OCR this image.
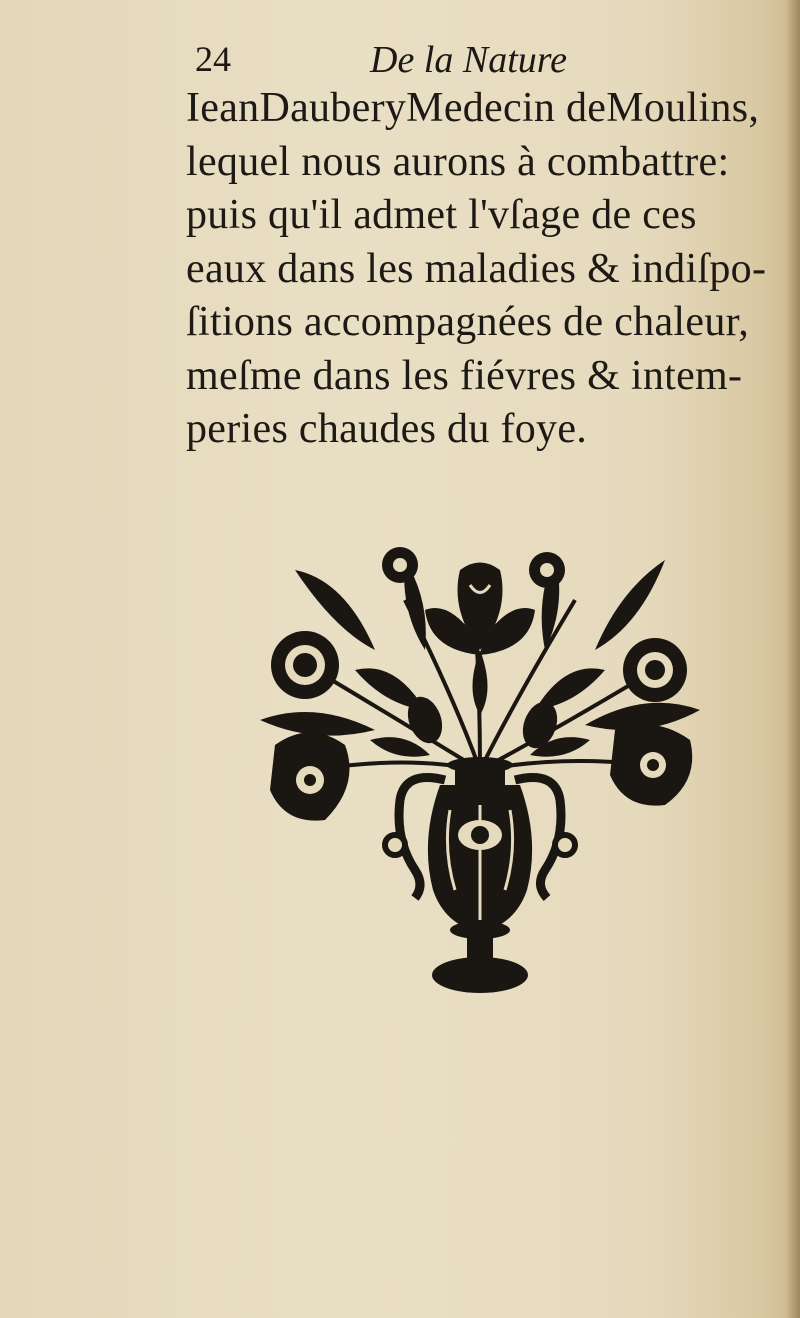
24	De la Nature
IeanDauberyMedecin deMoulins,
lequel nous aurons à combattre:
puis qu'il admet l'vſage de ces
eaux dans les maladies & indiſpo-
ſitions accompagnées de chaleur,
meſme dans les fiévres & intem-
peries chaudes du foye.
